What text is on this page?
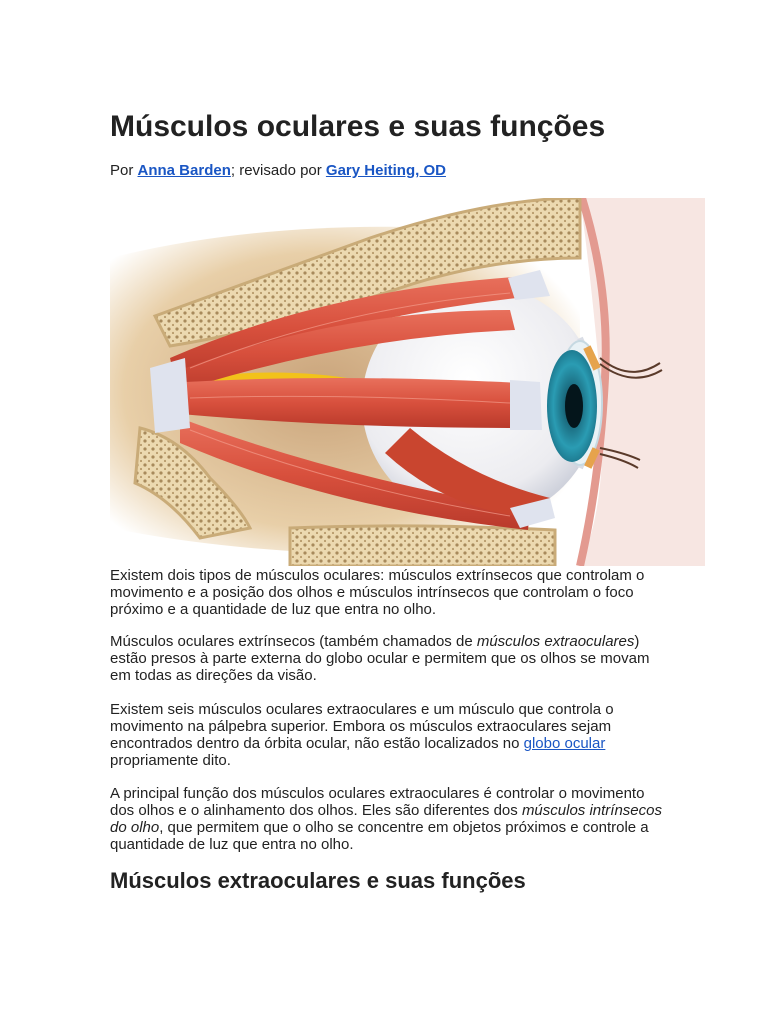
Músculos oculares e suas funções

Por Anna Barden; revisado por Gary Heiting, OD

Existem dois tipos de músculos oculares: músculos extrínsecos que controlam o movimento e a posição dos olhos e músculos intrínsecos que controlam o foco próximo e a quantidade de luz que entra no olho.

Músculos oculares extrínsecos (também chamados de músculos extraoculares) estão presos à parte externa do globo ocular e permitem que os olhos se movam em todas as direções da visão.

Existem seis músculos oculares extraoculares e um músculo que controla o movimento na pálpebra superior. Embora os músculos extraoculares sejam encontrados dentro da órbita ocular, não estão localizados no globo ocular propriamente dito.

A principal função dos músculos oculares extraoculares é controlar o movimento dos olhos e o alinhamento dos olhos. Eles são diferentes dos músculos intrínsecos do olho, que permitem que o olho se concentre em objetos próximos e controle a quantidade de luz que entra no olho.

Músculos extraoculares e suas funções
